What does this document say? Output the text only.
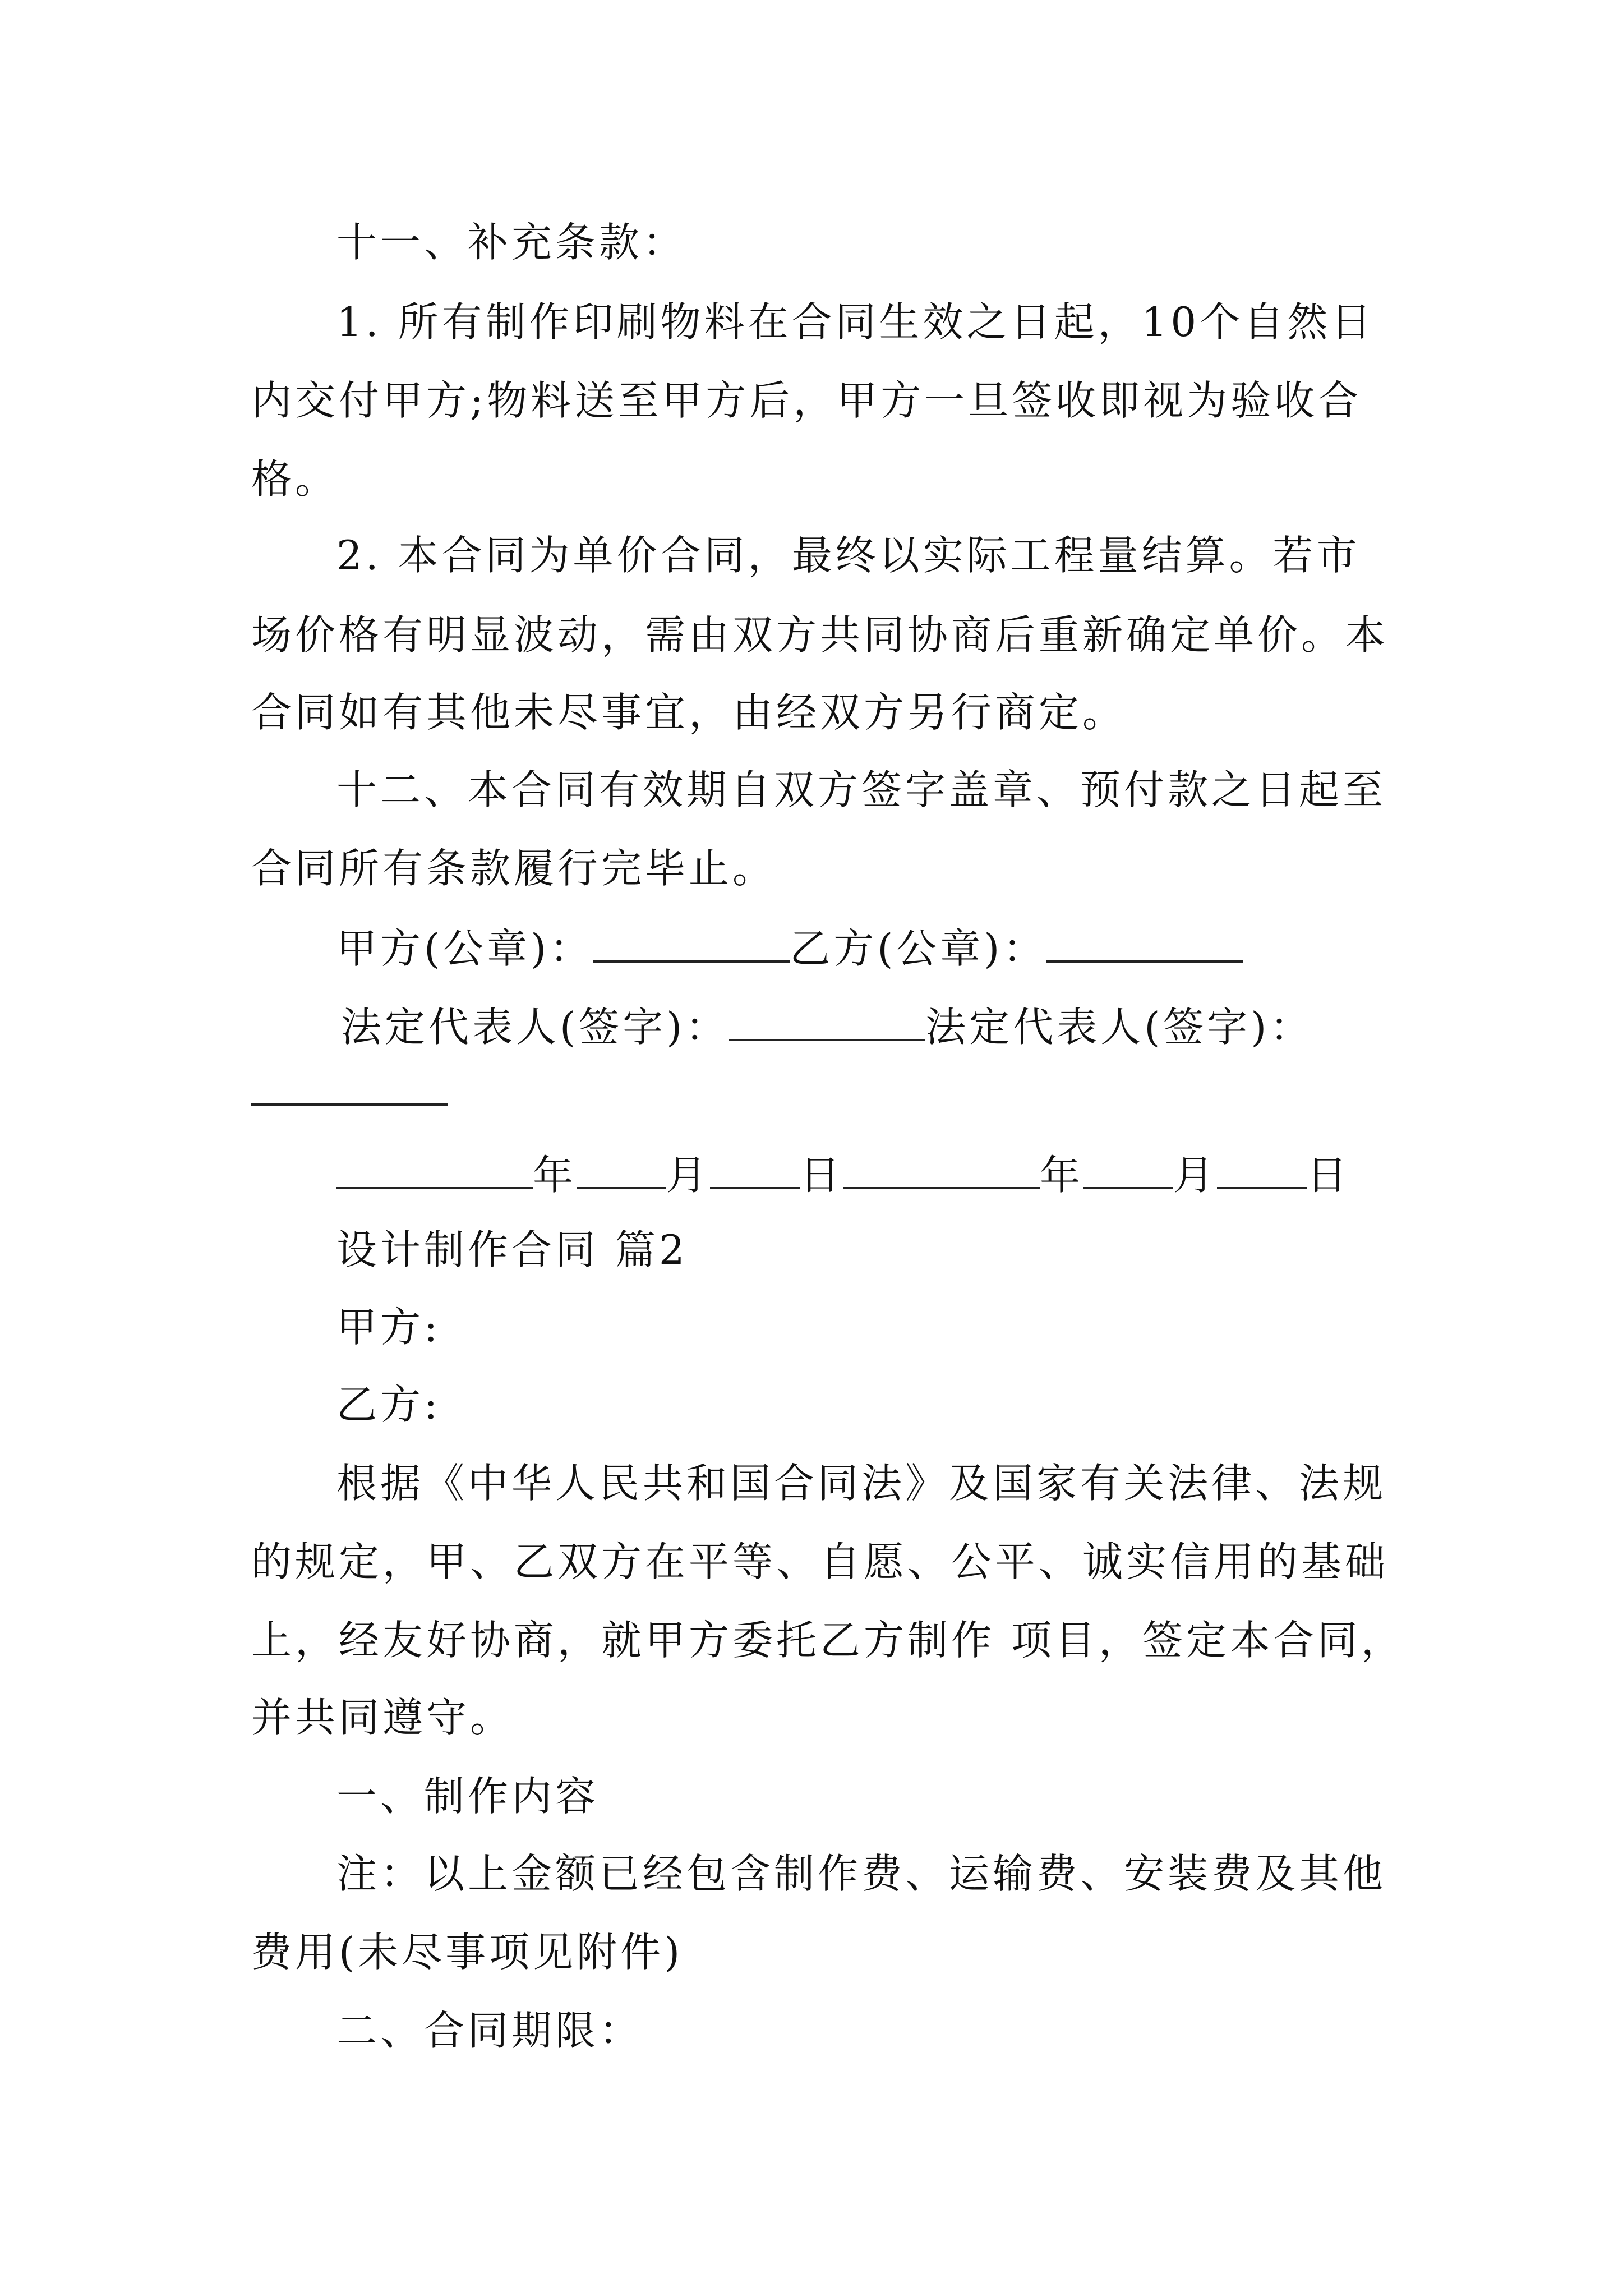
十一、补充条款：
1. 所有制作印刷物料在合同生效之日起，10个自然日
内交付甲方;物料送至甲方后，甲方一旦签收即视为验收合
格。
2. 本合同为单价合同，最终以实际工程量结算。若市
场价格有明显波动，需由双方共同协商后重新确定单价。本
合同如有其他未尽事宜，由经双方另行商定。
十二、本合同有效期自双方签字盖章、预付款之日起至
合同所有条款履行完毕止。
甲方(公章)：	乙方(公章)：
法定代表人(签字)：	法定代表人(签字)：
年 月 日	年 月 日
设计制作合同 篇2
甲方:
乙方:
根据《中华人民共和国合同法》及国家有关法律、法规
的规定，甲、乙双方在平等、自愿、公平、诚实信用的基础
上，经友好协商，就甲方委托乙方制作 项目，签定本合同，
并共同遵守。
一、制作内容
注：以上金额已经包含制作费、运输费、安装费及其他
费用(未尽事项见附件)
二、合同期限：
